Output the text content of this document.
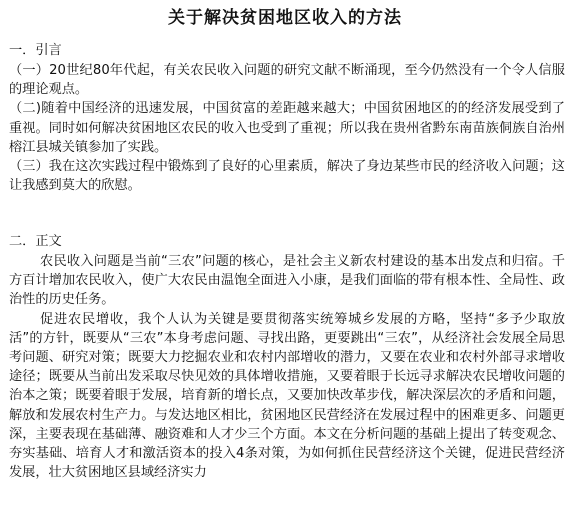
关于解决贫困地区收入的方法
一．引言

（一）20世纪80年代起，有关农民收入问题的研究文献不断涌现，至今仍然没有一个令人信服的理论观点。

（二)随着中国经济的迅速发展，中国贫富的差距越来越大；中国贫困地区的的经济发展受到了重视。同时如何解决贫困地区农民的收入也受到了重视；所以我在贵州省黔东南苗族侗族自治州榕江县城关镇参加了实践。

（三）我在这次实践过程中锻炼到了良好的心里素质，解决了身边某些市民的经济收入问题；这让我感到莫大的欣慰。

二．正文

农民收入问题是当前“三农”问题的核心，是社会主义新农村建设的基本出发点和归宿。千方百计增加农民收入，使广大农民由温饱全面进入小康，是我们面临的带有根本性、全局性、政治性的历史任务。

促进农民增收，我个人认为关键是要贯彻落实统筹城乡发展的方略，坚持“多予少取放活”的方针，既要从“三农”本身考虑问题、寻找出路，更要跳出“三农”，从经济社会发展全局思考问题、研究对策；既要大力挖掘农业和农村内部增收的潜力，又要在农业和农村外部寻求增收途径；既要从当前出发采取尽快见效的具体增收措施，又要着眼于长远寻求解决农民增收问题的治本之策；既要着眼于发展，培育新的增长点，又要加快改革步伐，解决深层次的矛盾和问题，解放和发展农村生产力。与发达地区相比，贫困地区民营经济在发展过程中的困难更多、问题更深，主要表现在基础薄、融资难和人才少三个方面。本文在分析问题的基础上提出了转变观念、夯实基础、培育人才和激活资本的投入4条对策，为如何抓住民营经济这个关键，促进民营经济发展，壮大贫困地区县域经济实力
